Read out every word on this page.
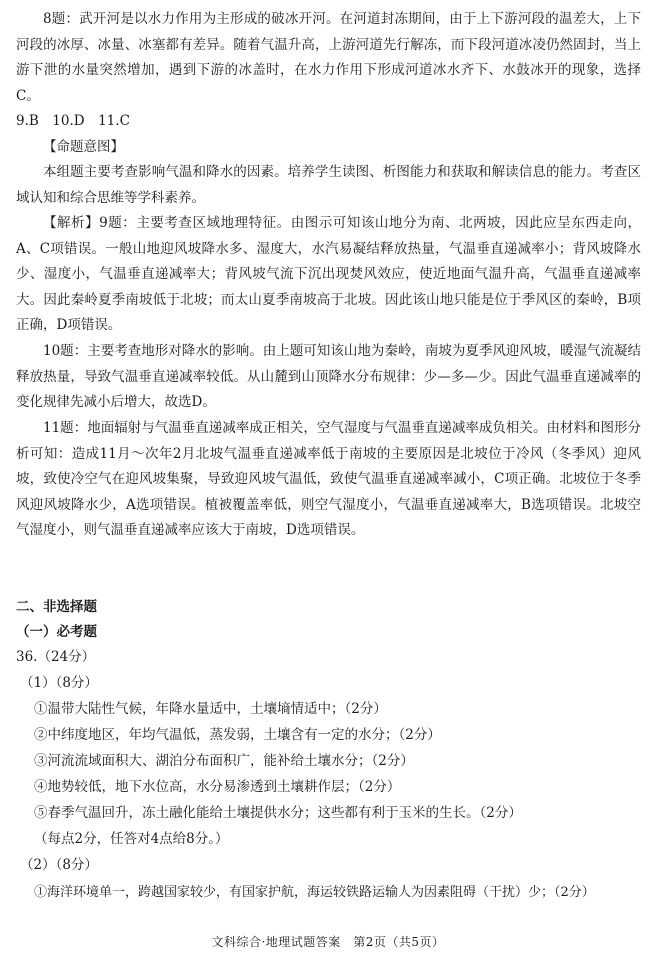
8题：武开河是以水力作用为主形成的破冰开河。在河道封冻期间，由于上下游河段的温差大，上下河段的冰厚、冰量、冰塞都有差异。随着气温升高，上游河道先行解冻，而下段河道冰凌仍然固封，当上游下泄的水量突然增加，遇到下游的冰盖时，在水力作用下形成河道冰水齐下、水鼓冰开的现象，选择C。

9.B　10.D　11.C

【命题意图】

本组题主要考查影响气温和降水的因素。培养学生读图、析图能力和获取和解读信息的能力。考查区域认知和综合思维等学科素养。

【解析】9题：主要考查区域地理特征。由图示可知该山地分为南、北两坡，因此应呈东西走向，A、C项错误。一般山地迎风坡降水多、湿度大，水汽易凝结释放热量，气温垂直递减率小；背风坡降水少、湿度小，气温垂直递减率大；背风坡气流下沉出现焚风效应，使近地面气温升高，气温垂直递减率大。因此秦岭夏季南坡低于北坡；而太山夏季南坡高于北坡。因此该山地只能是位于季风区的秦岭，B项正确，D项错误。

10题：主要考查地形对降水的影响。由上题可知该山地为秦岭，南坡为夏季风迎风坡，暖湿气流凝结释放热量，导致气温垂直递减率较低。从山麓到山顶降水分布规律：少—多—少。因此气温垂直递减率的变化规律先减小后增大，故选D。

11题：地面辐射与气温垂直递减率成正相关，空气湿度与气温垂直递减率成负相关。由材料和图形分析可知：造成11月～次年2月北坡气温垂直递减率低于南坡的主要原因是北坡位于冷风（冬季风）迎风坡，致使冷空气在迎风坡集聚，导致迎风坡气温低，致使气温垂直递减率减小，C项正确。北坡位于冬季风迎风坡降水少，A选项错误。植被覆盖率低，则空气湿度小，气温垂直递减率大，B选项错误。北坡空气湿度小，则气温垂直递减率应该大于南坡，D选项错误。

二、非选择题

（一）必考题

36.（24分）

（1）（8分）

①温带大陆性气候，年降水量适中，土壤墒情适中；（2分）

②中纬度地区，年均气温低，蒸发弱，土壤含有一定的水分；（2分）

③河流流域面积大、湖泊分布面积广，能补给土壤水分；（2分）

④地势较低，地下水位高，水分易渗透到土壤耕作层；（2分）

⑤春季气温回升，冻土融化能给土壤提供水分；这些都有利于玉米的生长。（2分）

（每点2分，任答对4点给8分。）

（2）（8分）

①海洋环境单一，跨越国家较少，有国家护航，海运较铁路运输人为因素阻碍（干扰）少；（2分）

文科综合·地理试题答案　第2页（共5页）
